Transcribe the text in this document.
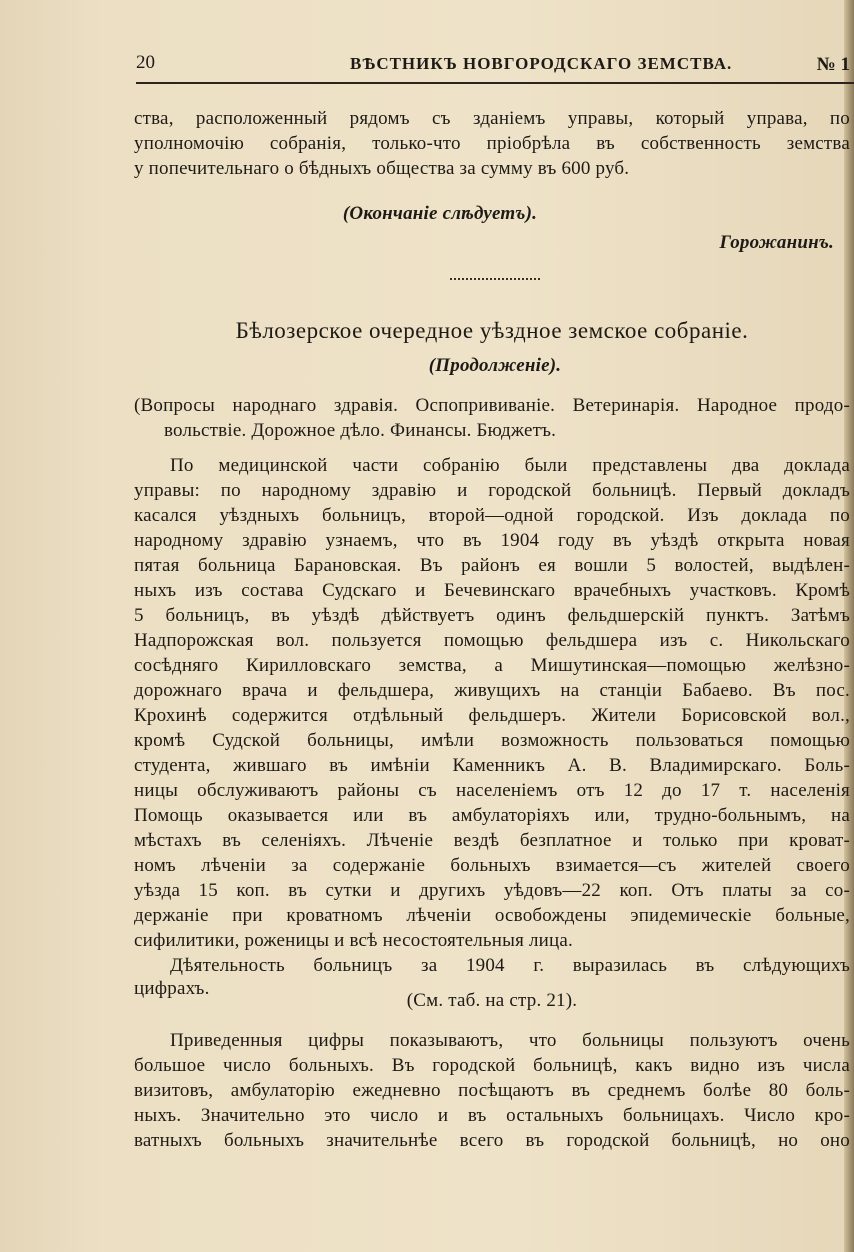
20	ВѢСТНИКЪ НОВГОРОДСКАГО ЗЕМСТВА.	№ 1
ства, расположенный рядомъ съ зданіемъ управы, который управа, по
уполномочію собранія, только-что пріобрѣла въ собственность земства
у попечительнаго о бѣдныхъ общества за сумму въ 600 руб.
(Окончаніе слѣдуетъ).
Горожанинъ.
Бѣлозерское очередное уѣздное земское собраніе.
(Продолженіе).
(Вопросы народнаго здравія. Оспопрививаніе. Ветеринарія. Народное продо-
вольствіе. Дорожное дѣло. Финансы. Бюджетъ.
По медицинской части собранію были представлены два доклада
управы: по народному здравію и городской больницѣ. Первый докладъ
касался уѣздныхъ больницъ, второй—одной городской. Изъ доклада по
народному здравію узнаемъ, что въ 1904 году въ уѣздѣ открыта новая
пятая больница Барановская. Въ районъ ея вошли 5 волостей, выдѣлен-
ныхъ изъ состава Судскаго и Бечевинскаго врачебныхъ участковъ. Кромѣ
5 больницъ, въ уѣздѣ дѣйствуетъ одинъ фельдшерскій пунктъ. Затѣмъ
Надпорожская вол. пользуется помощью фельдшера изъ с. Никольскаго
сосѣдняго Кирилловскаго земства, а Мишутинская—помощью желѣзно-
дорожнаго врача и фельдшера, живущихъ на станціи Бабаево. Въ пос.
Крохинѣ содержится отдѣльный фельдшеръ. Жители Борисовской вол.,
кромѣ Судской больницы, имѣли возможность пользоваться помощью
студента, жившаго въ имѣніи Каменникъ А. В. Владимирскаго. Боль-
ницы обслуживаютъ районы съ населеніемъ отъ 12 до 17 т. населенія
Помощь оказывается или въ амбулаторіяхъ или, трудно-больнымъ, на
мѣстахъ въ селеніяхъ. Лѣченіе вездѣ безплатное и только при кроват-
номъ лѣченіи за содержаніе больныхъ взимается—съ жителей своего
уѣзда 15 коп. въ сутки и другихъ уѣдовъ—22 коп. Отъ платы за со-
держаніе при кроватномъ лѣченіи освобождены эпидемическіе больные,
сифилитики, роженицы и всѣ несостоятельныя лица.
Дѣятельность больницъ за 1904 г. выразилась въ слѣдующихъ
цифрахъ.
(См. таб. на стр. 21).
Приведенныя цифры показываютъ, что больницы пользуютъ очень
большое число больныхъ. Въ городской больницѣ, какъ видно изъ числа
визитовъ, амбулаторію ежедневно посѣщаютъ въ среднемъ болѣе 80 боль-
ныхъ. Значительно это число и въ остальныхъ больницахъ. Число кро-
ватныхъ больныхъ значительнѣе всего въ городской больницѣ, но оно
